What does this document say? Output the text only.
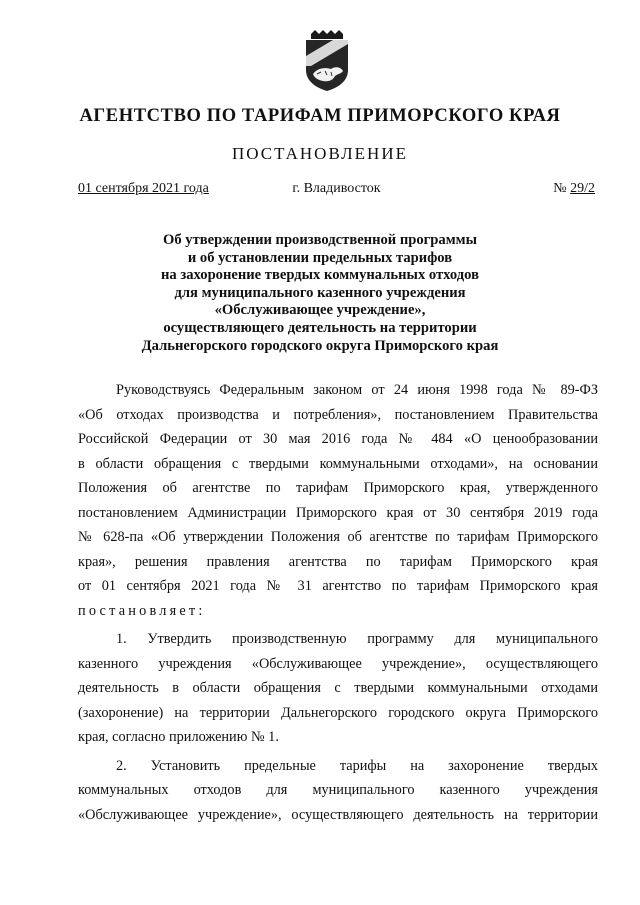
АГЕНТСТВО ПО ТАРИФАМ ПРИМОРСКОГО КРАЯ
ПОСТАНОВЛЕНИЕ
01 сентября 2021 года	г. Владивосток	№ 29/2
Об утверждении производственной программы
и об установлении предельных тарифов
на захоронение твердых коммунальных отходов
для муниципального казенного учреждения
«Обслуживающее учреждение»,
осуществляющего деятельность на территории
Дальнегорского городского округа Приморского края
Руководствуясь Федеральным законом от 24 июня 1998 года № 89-ФЗ
«Об отходах производства и потребления», постановлением Правительства
Российской Федерации от 30 мая 2016 года № 484 «О ценообразовании
в области обращения с твердыми коммунальными отходами», на основании
Положения об агентстве по тарифам Приморского края, утвержденного
постановлением Администрации Приморского края от 30 сентября 2019 года
№ 628-па «Об утверждении Положения об агентстве по тарифам Приморского
края», решения правления агентства по тарифам Приморского края
от 01 сентября 2021 года № 31 агентство по тарифам Приморского края
постановляет:
1. Утвердить производственную программу для муниципального
казенного учреждения «Обслуживающее учреждение», осуществляющего
деятельность в области обращения с твердыми коммунальными отходами
(захоронение) на территории Дальнегорского городского округа Приморского
края, согласно приложению № 1.
2. Установить предельные тарифы на захоронение твердых
коммунальных отходов для муниципального казенного учреждения
«Обслуживающее учреждение», осуществляющего деятельность на территории
